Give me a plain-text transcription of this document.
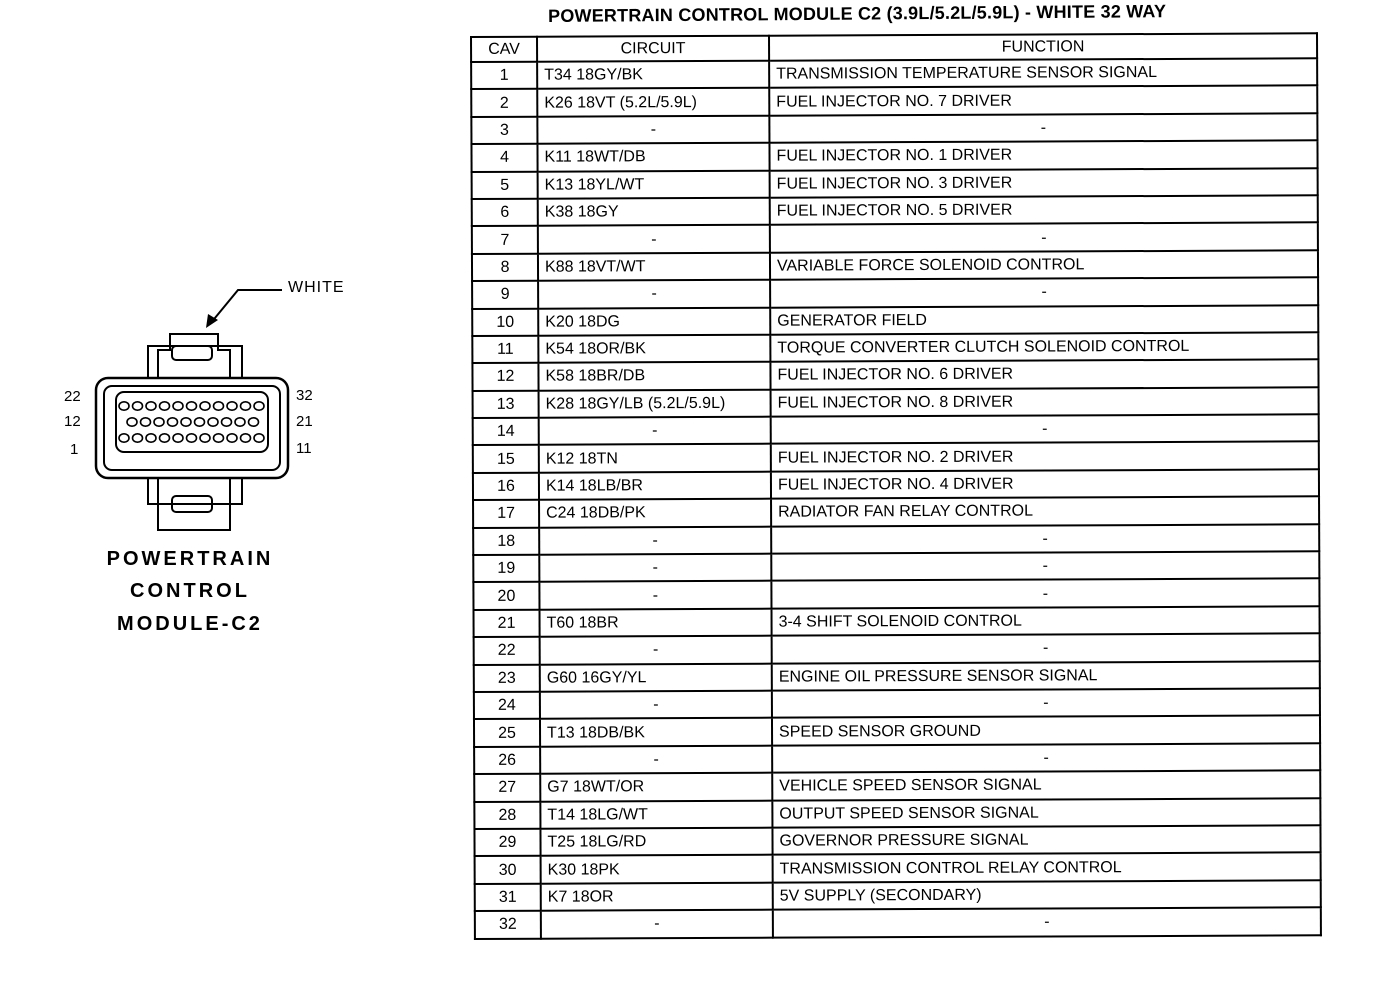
POWERTRAIN CONTROL MODULE C2 (3.9L/5.2L/5.9L) - WHITE 32 WAY
CAV	CIRCUIT	FUNCTION
1	T34 18GY/BK	TRANSMISSION TEMPERATURE SENSOR SIGNAL
2	K26 18VT (5.2L/5.9L)	FUEL INJECTOR NO. 7 DRIVER
3	-	-
4	K11 18WT/DB	FUEL INJECTOR NO. 1 DRIVER
5	K13 18YL/WT	FUEL INJECTOR NO. 3 DRIVER
6	K38 18GY	FUEL INJECTOR NO. 5 DRIVER
7	-	-
8	K88 18VT/WT	VARIABLE FORCE SOLENOID CONTROL
9	-	-
10	K20 18DG	GENERATOR FIELD
11	K54 18OR/BK	TORQUE CONVERTER CLUTCH SOLENOID CONTROL
12	K58 18BR/DB	FUEL INJECTOR NO. 6 DRIVER
13	K28 18GY/LB (5.2L/5.9L)	FUEL INJECTOR NO. 8 DRIVER
14	-	-
15	K12 18TN	FUEL INJECTOR NO. 2 DRIVER
16	K14 18LB/BR	FUEL INJECTOR NO. 4 DRIVER
17	C24 18DB/PK	RADIATOR FAN RELAY CONTROL
18	-	-
19	-	-
20	-	-
21	T60 18BR	3-4 SHIFT SOLENOID CONTROL
22	-	-
23	G60 16GY/YL	ENGINE OIL PRESSURE SENSOR SIGNAL
24	-	-
25	T13 18DB/BK	SPEED SENSOR GROUND
26	-	-
27	G7 18WT/OR	VEHICLE SPEED SENSOR SIGNAL
28	T14 18LG/WT	OUTPUT SPEED SENSOR SIGNAL
29	T25 18LG/RD	GOVERNOR PRESSURE SIGNAL
30	K30 18PK	TRANSMISSION CONTROL RELAY CONTROL
31	K7 18OR	5V SUPPLY (SECONDARY)
32	-	-
WHITE
22
12
1
32
21
11
POWERTRAIN
CONTROL
MODULE-C2
